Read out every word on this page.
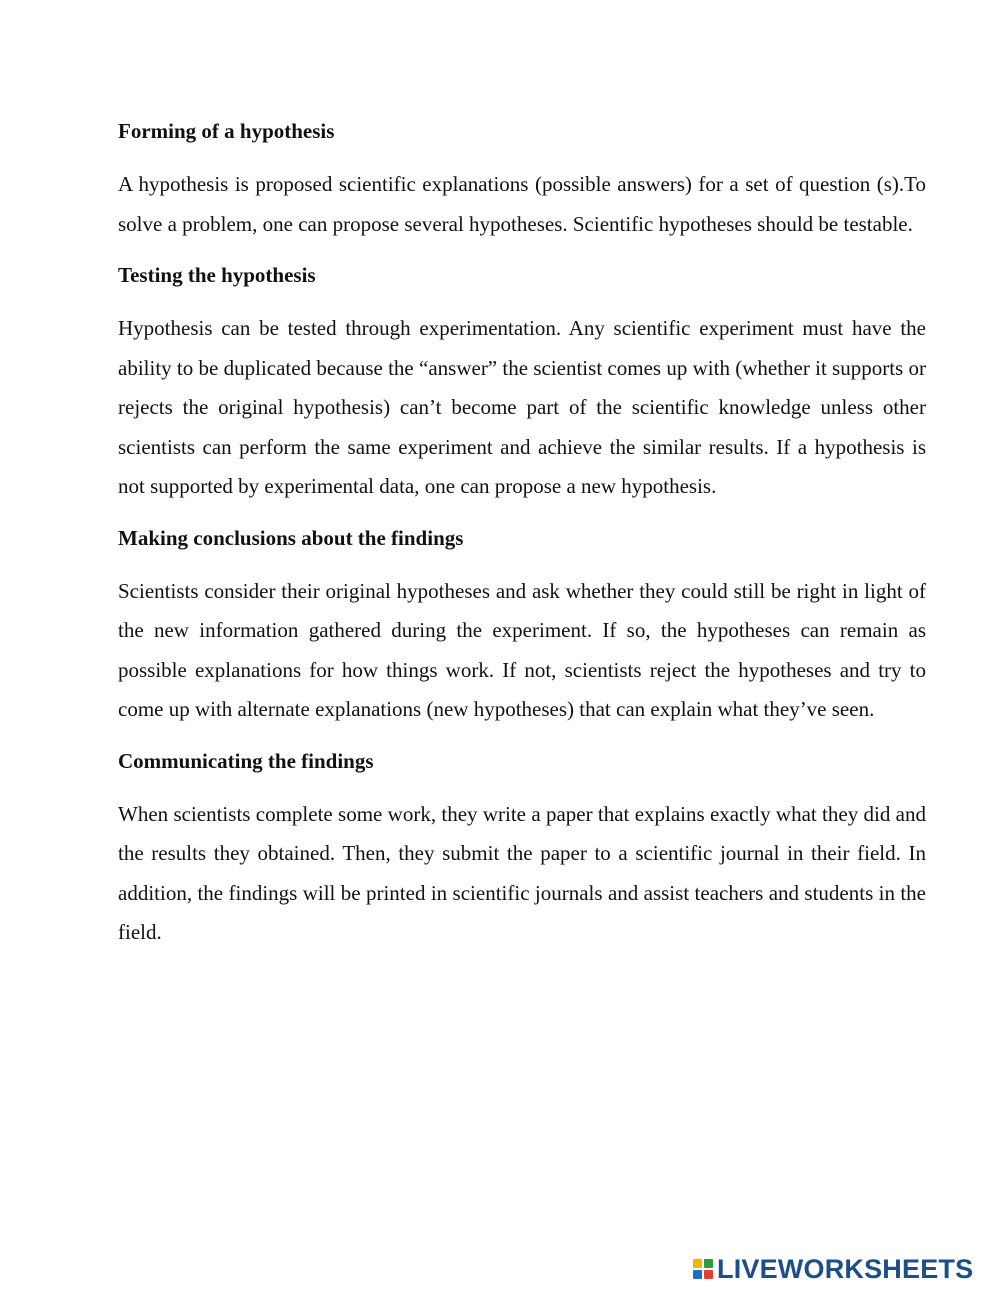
Forming of a hypothesis

A hypothesis is proposed scientific explanations (possible answers) for a set of question (s).To solve a problem, one can propose several hypotheses. Scientific hypotheses should be testable.

Testing the hypothesis

Hypothesis can be tested through experimentation. Any scientific experiment must have the ability to be duplicated because the “answer” the scientist comes up with (whether it supports or rejects the original hypothesis) can’t become part of the scientific knowledge unless other scientists can perform the same experiment and achieve the similar results. If a hypothesis is not supported by experimental data, one can propose a new hypothesis.

Making conclusions about the findings

Scientists consider their original hypotheses and ask whether they could still be right in light of the new information gathered during the experiment. If so, the hypotheses can remain as possible explanations for how things work. If not, scientists reject the hypotheses and try to come up with alternate explanations (new hypotheses) that can explain what they’ve seen.

Communicating the findings

When scientists complete some work, they write a paper that explains exactly what they did and the results they obtained. Then, they submit the paper to a scientific journal in their field. In addition, the findings will be printed in scientific journals and assist teachers and students in the field.

LIVEWORKSHEETS
